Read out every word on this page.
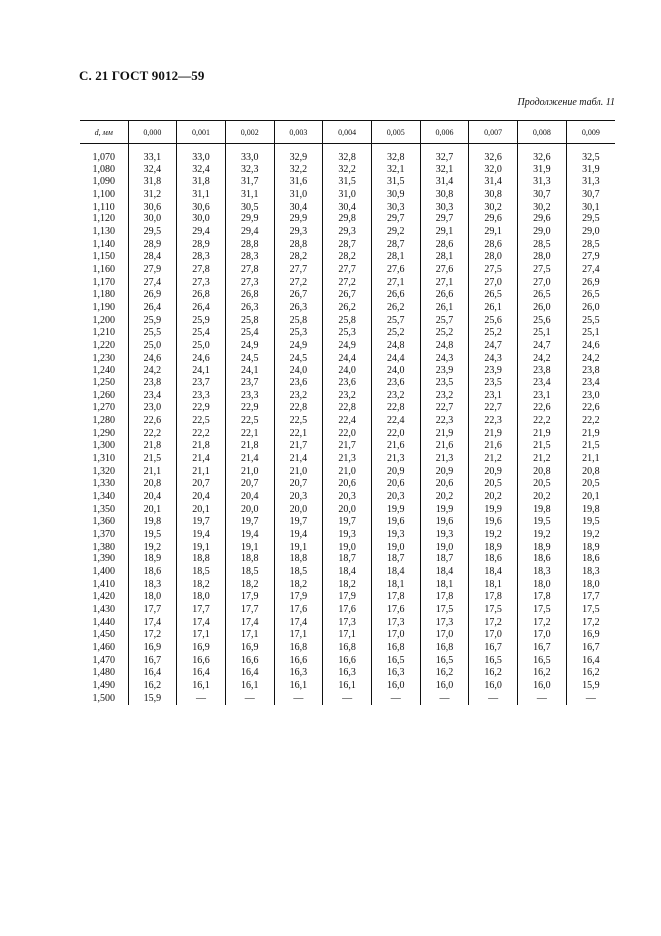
С. 21 ГОСТ 9012—59
Продолжение табл. 11
d, мм	0,000	0,001	0,002	0,003	0,004	0,005	0,006	0,007	0,008	0,009

1,070	33,1	33,0	33,0	32,9	32,8	32,8	32,7	32,6	32,6	32,5
1,080	32,4	32,4	32,3	32,2	32,2	32,1	32,1	32,0	31,9	31,9
1,090	31,8	31,8	31,7	31,6	31,5	31,5	31,4	31,4	31,3	31,3
1,100	31,2	31,1	31,1	31,0	31,0	30,9	30,8	30,8	30,7	30,7
1,110	30,6	30,6	30,5	30,4	30,4	30,3	30,3	30,2	30,2	30,1
1,120	30,0	30,0	29,9	29,9	29,8	29,7	29,7	29,6	29,6	29,5
1,130	29,5	29,4	29,4	29,3	29,3	29,2	29,1	29,1	29,0	29,0
1,140	28,9	28,9	28,8	28,8	28,7	28,7	28,6	28,6	28,5	28,5
1,150	28,4	28,3	28,3	28,2	28,2	28,1	28,1	28,0	28,0	27,9
1,160	27,9	27,8	27,8	27,7	27,7	27,6	27,6	27,5	27,5	27,4
1,170	27,4	27,3	27,3	27,2	27,2	27,1	27,1	27,0	27,0	26,9
1,180	26,9	26,8	26,8	26,7	26,7	26,6	26,6	26,5	26,5	26,5
1,190	26,4	26,4	26,3	26,3	26,2	26,2	26,1	26,1	26,0	26,0
1,200	25,9	25,9	25,8	25,8	25,8	25,7	25,7	25,6	25,6	25,5
1,210	25,5	25,4	25,4	25,3	25,3	25,2	25,2	25,2	25,1	25,1
1,220	25,0	25,0	24,9	24,9	24,9	24,8	24,8	24,7	24,7	24,6
1,230	24,6	24,6	24,5	24,5	24,4	24,4	24,3	24,3	24,2	24,2
1,240	24,2	24,1	24,1	24,0	24,0	24,0	23,9	23,9	23,8	23,8
1,250	23,8	23,7	23,7	23,6	23,6	23,6	23,5	23,5	23,4	23,4
1,260	23,4	23,3	23,3	23,2	23,2	23,2	23,2	23,1	23,1	23,0
1,270	23,0	22,9	22,9	22,8	22,8	22,8	22,7	22,7	22,6	22,6
1,280	22,6	22,5	22,5	22,5	22,4	22,4	22,3	22,3	22,2	22,2
1,290	22,2	22,2	22,1	22,1	22,0	22,0	21,9	21,9	21,9	21,9
1,300	21,8	21,8	21,8	21,7	21,7	21,6	21,6	21,6	21,5	21,5
1,310	21,5	21,4	21,4	21,4	21,3	21,3	21,3	21,2	21,2	21,1
1,320	21,1	21,1	21,0	21,0	21,0	20,9	20,9	20,9	20,8	20,8
1,330	20,8	20,7	20,7	20,7	20,6	20,6	20,6	20,5	20,5	20,5
1,340	20,4	20,4	20,4	20,3	20,3	20,3	20,2	20,2	20,2	20,1
1,350	20,1	20,1	20,0	20,0	20,0	19,9	19,9	19,9	19,8	19,8
1,360	19,8	19,7	19,7	19,7	19,7	19,6	19,6	19,6	19,5	19,5
1,370	19,5	19,4	19,4	19,4	19,3	19,3	19,3	19,2	19,2	19,2
1,380	19,2	19,1	19,1	19,1	19,0	19,0	19,0	18,9	18,9	18,9
1,390	18,9	18,8	18,8	18,8	18,7	18,7	18,7	18,6	18,6	18,6
1,400	18,6	18,5	18,5	18,5	18,4	18,4	18,4	18,4	18,3	18,3
1,410	18,3	18,2	18,2	18,2	18,2	18,1	18,1	18,1	18,0	18,0
1,420	18,0	18,0	17,9	17,9	17,9	17,8	17,8	17,8	17,8	17,7
1,430	17,7	17,7	17,7	17,6	17,6	17,6	17,5	17,5	17,5	17,5
1,440	17,4	17,4	17,4	17,4	17,3	17,3	17,3	17,2	17,2	17,2
1,450	17,2	17,1	17,1	17,1	17,1	17,0	17,0	17,0	17,0	16,9
1,460	16,9	16,9	16,9	16,8	16,8	16,8	16,8	16,7	16,7	16,7
1,470	16,7	16,6	16,6	16,6	16,6	16,5	16,5	16,5	16,5	16,4
1,480	16,4	16,4	16,4	16,3	16,3	16,3	16,2	16,2	16,2	16,2
1,490	16,2	16,1	16,1	16,1	16,1	16,0	16,0	16,0	16,0	15,9
1,500	15,9	—	—	—	—	—	—	—	—	—
